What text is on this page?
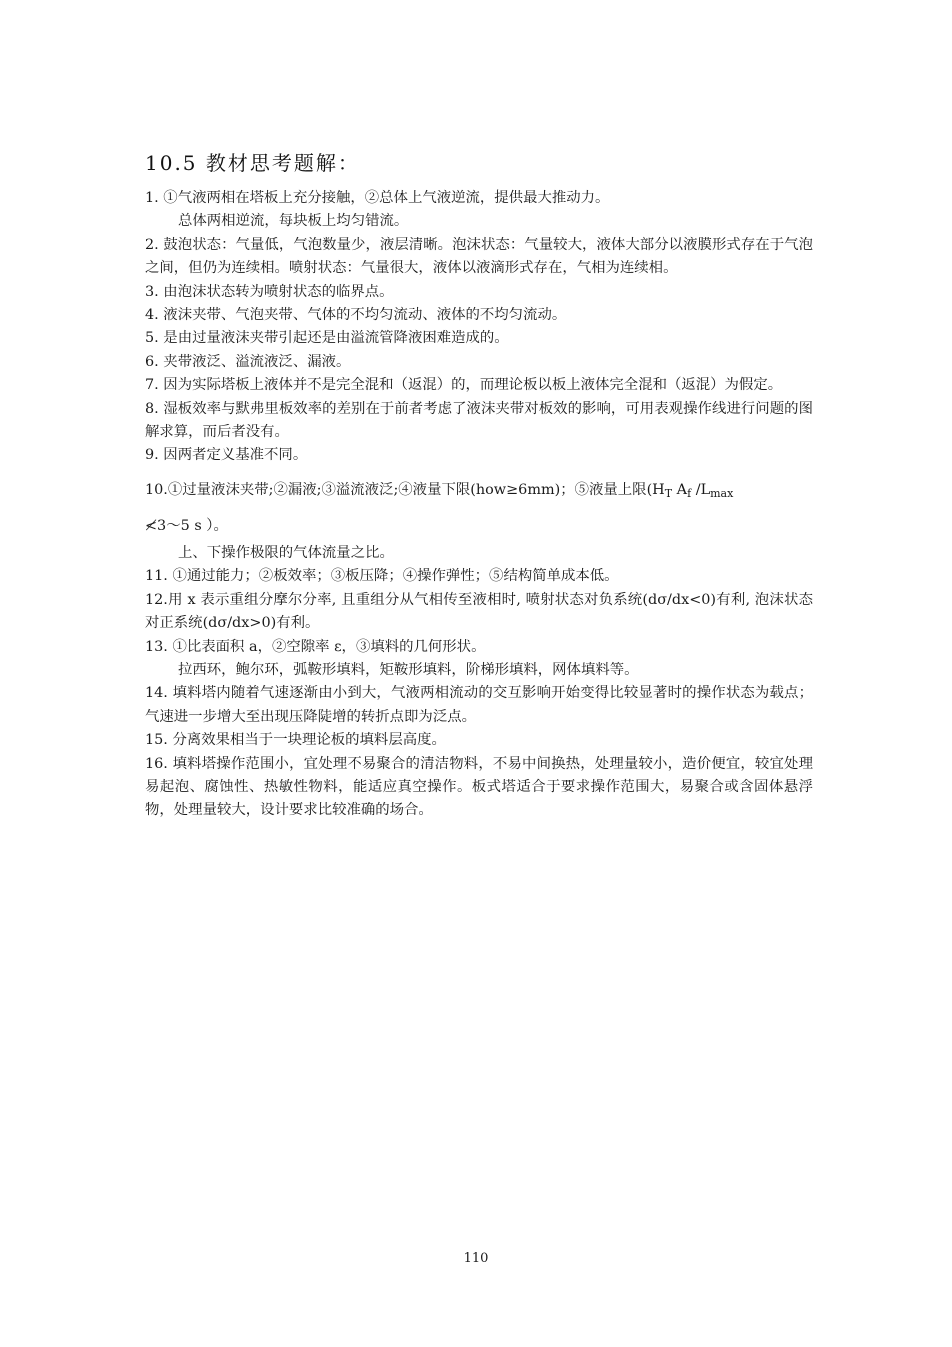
10.5 教材思考题解：

1. ①气液两相在塔板上充分接触，②总体上气液逆流，提供最大推动力。

总体两相逆流，每块板上均匀错流。

2. 鼓泡状态：气量低，气泡数量少，液层清晰。泡沫状态：气量较大，液体大部分以液膜形式存在于气泡之间，但仍为连续相。喷射状态：气量很大，液体以液滴形式存在，气相为连续相。

3. 由泡沫状态转为喷射状态的临界点。

4. 液沫夹带、气泡夹带、气体的不均匀流动、液体的不均匀流动。

5. 是由过量液沫夹带引起还是由溢流管降液困难造成的。

6. 夹带液泛、溢流液泛、漏液。

7. 因为实际塔板上液体并不是完全混和（返混）的，而理论板以板上液体完全混和（返混）为假定。

8. 湿板效率与默弗里板效率的差别在于前者考虑了液沫夹带对板效的影响，可用表观操作线进行问题的图解求算，而后者没有。

9. 因两者定义基准不同。

10.①过量液沫夹带;②漏液;③溢流液泛;④液量下限(how≥6mm)；⑤液量上限($H_T$ $A_f$ $/L_{max}$

≮3～5 s ）。

上、下操作极限的气体流量之比。

11. ①通过能力；②板效率；③板压降；④操作弹性；⑤结构简单成本低。

12.用 x 表示重组分摩尔分率, 且重组分从气相传至液相时, 喷射状态对负系统(dσ/dx<0)有利, 泡沫状态对正系统(dσ/dx>0)有利。

13. ①比表面积 a，②空隙率 ε，③填料的几何形状。

拉西环，鲍尔环，弧鞍形填料，矩鞍形填料，阶梯形填料，网体填料等。

14. 填料塔内随着气速逐渐由小到大，气液两相流动的交互影响开始变得比较显著时的操作状态为载点；气速进一步增大至出现压降陡增的转折点即为泛点。

15. 分离效果相当于一块理论板的填料层高度。

16. 填料塔操作范围小，宜处理不易聚合的清洁物料，不易中间换热，处理量较小，造价便宜，较宜处理易起泡、腐蚀性、热敏性物料，能适应真空操作。板式塔适合于要求操作范围大，易聚合或含固体悬浮物，处理量较大，设计要求比较准确的场合。

110
